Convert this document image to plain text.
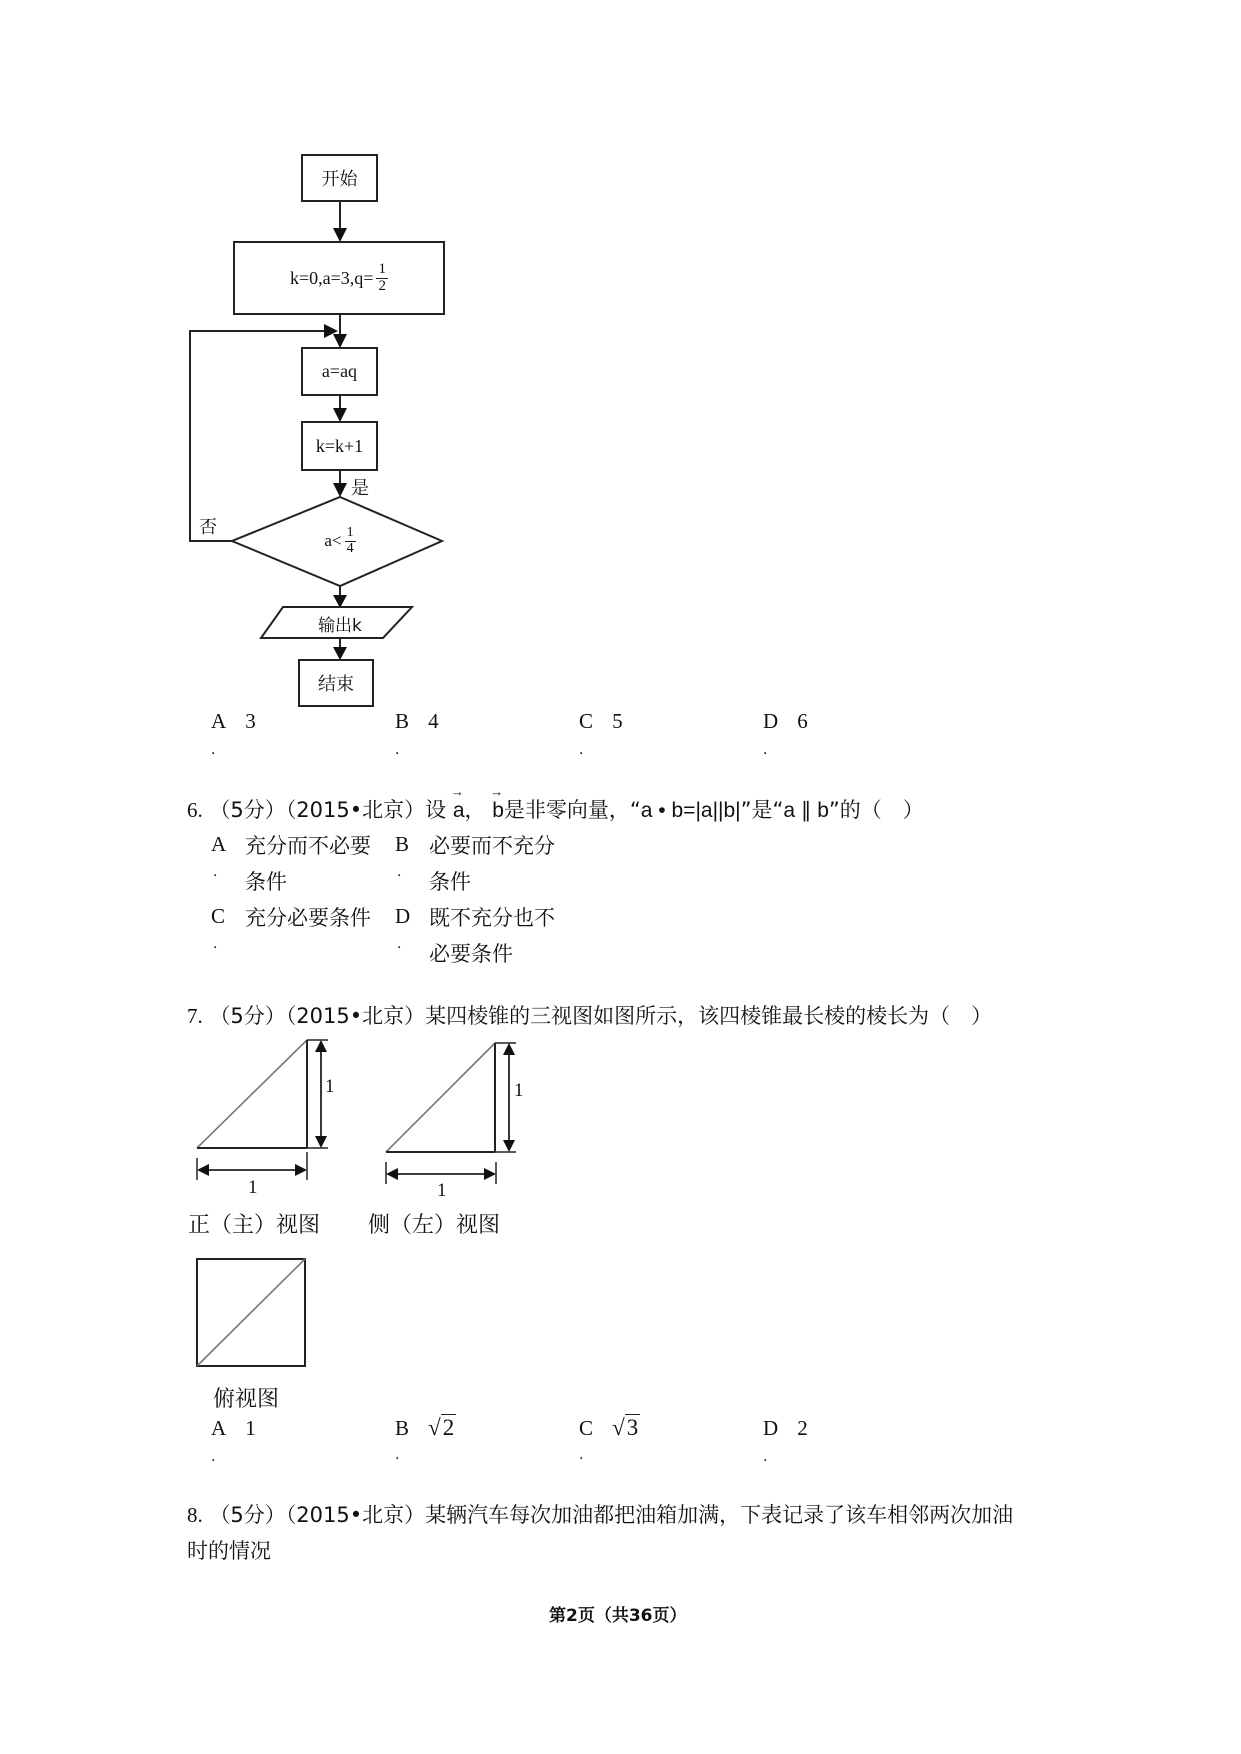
开始
$k=0,a=3,q= \frac{1}{2}$
a=aq
k=k+1
$a< \frac{1}{4}$
是
否
输出k
结束
A 3
·
B 4
·
C 5
·
D 6
·
6. （5分）（2015•北京）设 → a， → b是非零向量，“a • b=|a||b|”是“a ∥ b”的（　）
A
·
充分而不必要
条件
B
·
必要而不充分
条件
C
·
充分必要条件 D
·
既不充分也不
必要条件
7. （5分）（2015•北京）某四棱锥的三视图如图所示，该四棱锥最长棱的棱长为（　）
1
1
1
1
正（主）视图 侧（左）视图
俯视图
A 1
·
B √2
·
C √3
·
D 2
·
8. （5分）（2015•北京）某辆汽车每次加油都把油箱加满，下表记录了该车相邻两次加油
时的情况
第2页（共36页）
